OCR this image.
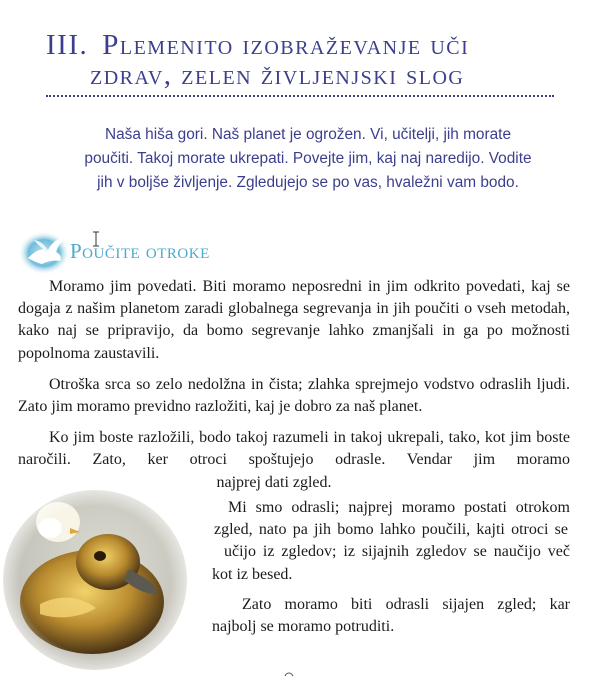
III. Plemenito izobraževanje uči
zdrav, zelen življenjski slog
Naša hiša gori. Naš planet je ogrožen. Vi, učitelji, jih morate poučiti. Takoj morate ukrepati. Povejte jim, kaj naj naredijo. Vodite jih v boljše življenje. Zgledujejo se po vas, hvaležni vam bodo.
Poučite otroke

Moramo jim povedati. Biti moramo neposredni in jim odkrito povedati, kaj se dogaja z našim planetom zaradi globalnega segrevanja in jih poučiti o vseh metodah, kako naj se pripravijo, da bomo segrevanje lahko zmanjšali in ga po možnosti popolnoma zaustavili.

Otroška srca so zelo nedolžna in čista; zlahka sprejmejo vodstvo odraslih ljudi. Zato jim moramo previdno razložiti, kaj je dobro za naš planet.

Ko jim boste razložili, bodo takoj razumeli in takoj ukrepali, tako, kot jim boste naročili. Zato, ker otroci spoštujejo odrasle. Vendar jim moramo
najprej dati zgled.

Mi smo odrasli; najprej moramo postati otrokom
zgled, nato pa jih bomo lahko poučili, kajti otroci se
učijo iz zgledov; iz sijajnih zgledov se naučijo več
kot iz besed.

Zato moramo biti odrasli sijajen zgled; kar
najbolj se moramo potruditi.
